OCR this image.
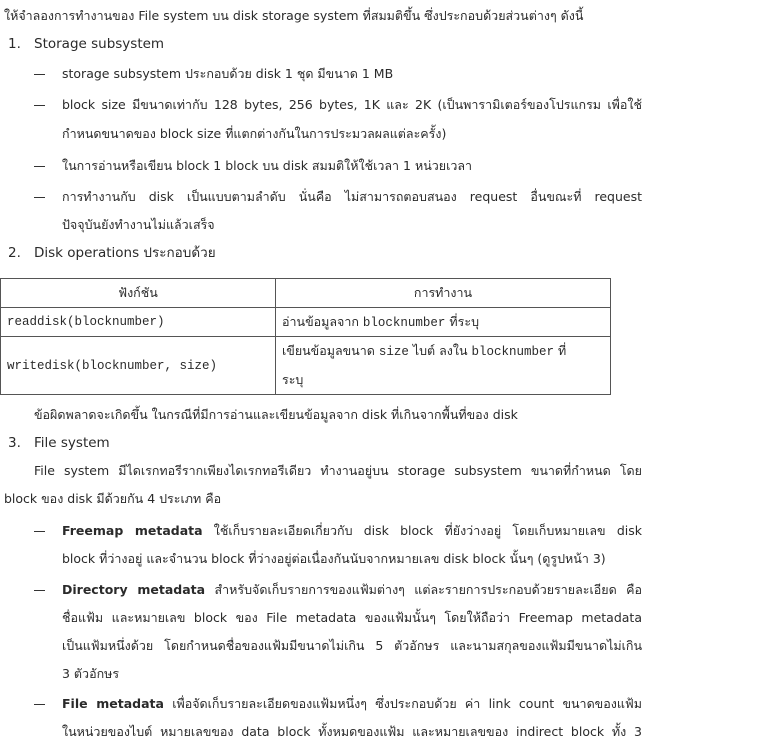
ให้จำลองการทำงานของ File system บน disk storage system ที่สมมติขึ้น ซึ่งประกอบด้วยส่วนต่างๆ ดังนี้
1. Storage subsystem
storage subsystem ประกอบด้วย disk 1 ชุด มีขนาด 1 MB
block size มีขนาดเท่ากับ 128 bytes, 256 bytes, 1K และ 2K (เป็นพารามิเตอร์ของโปรแกรม เพื่อใช้
กำหนดขนาดของ block size ที่แตกต่างกันในการประมวลผลแต่ละครั้ง)
ในการอ่านหรือเขียน block 1 block บน disk สมมติให้ใช้เวลา 1 หน่วยเวลา
การทำงานกับ disk เป็นแบบตามลำดับ นั่นคือ ไม่สามารถตอบสนอง request อื่นขณะที่ request
ปัจจุบันยังทำงานไม่แล้วเสร็จ
2. Disk operations ประกอบด้วย
ฟังก์ชัน	การทำงาน
readdisk(blocknumber)	อ่านข้อมูลจาก blocknumber ที่ระบุ
writedisk(blocknumber, size)	เขียนข้อมูลขนาด size ไบต์ ลงใน blocknumber ที่
ระบุ
ข้อผิดพลาดจะเกิดขึ้น ในกรณีที่มีการอ่านและเขียนข้อมูลจาก disk ที่เกินจากพื้นที่ของ disk
3. File system
File system มีไดเรกทอรีรากเพียงไดเรกทอรีเดียว ทำงานอยู่บน storage subsystem ขนาดที่กำหนด โดย
block ของ disk มีด้วยกัน 4 ประเภท คือ
Freemap metadata ใช้เก็บรายละเอียดเกี่ยวกับ disk block ที่ยังว่างอยู่ โดยเก็บหมายเลข disk
block ที่ว่างอยู่ และจำนวน block ที่ว่างอยู่ต่อเนื่องกันนับจากหมายเลข disk block นั้นๆ (ดูรูปหน้า 3)
Directory metadata สำหรับจัดเก็บรายการของแฟ้มต่างๆ แต่ละรายการประกอบด้วยรายละเอียด คือ
ชื่อแฟ้ม และหมายเลข block ของ File metadata ของแฟ้มนั้นๆ โดยให้ถือว่า Freemap metadata
เป็นแฟ้มหนึ่งด้วย โดยกำหนดชื่อของแฟ้มมีขนาดไม่เกิน 5 ตัวอักษร และนามสกุลของแฟ้มมีขนาดไม่เกิน
3 ตัวอักษร
File metadata เพื่อจัดเก็บรายละเอียดของแฟ้มหนึ่งๆ ซึ่งประกอบด้วย ค่า link count ขนาดของแฟ้ม
ในหน่วยของไบต์ หมายเลขของ data block ทั้งหมดของแฟ้ม และหมายเลขของ indirect block ทั้ง 3
